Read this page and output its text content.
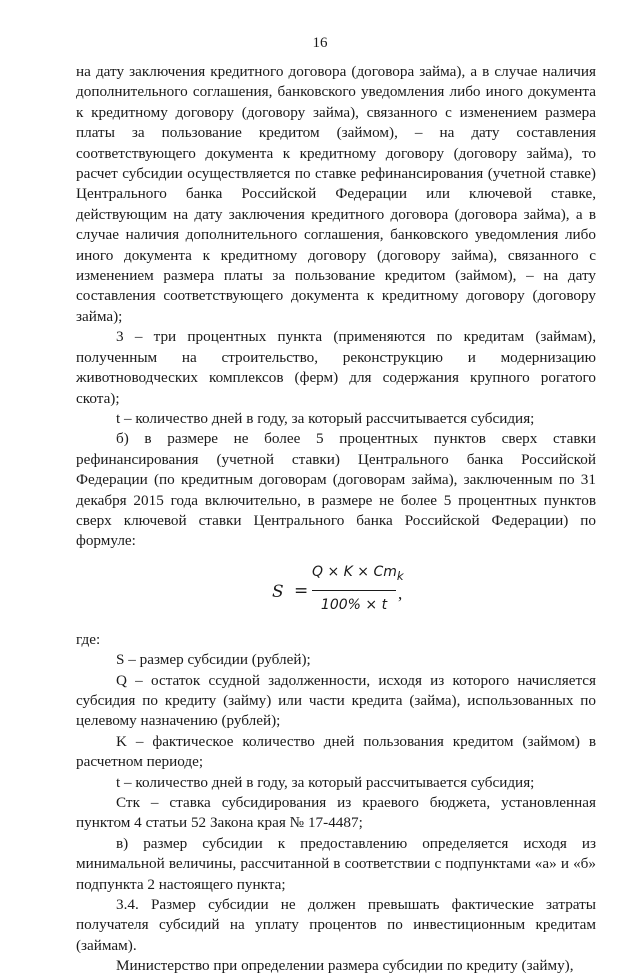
16

на дату заключения кредитного договора (договора займа), а в случае наличия дополнительного соглашения, банковского уведомления либо иного документа к кредитному договору (договору займа), связанного с изменением размера платы за пользование кредитом (займом), – на дату составления соответствующего документа к кредитному договору (договору займа), то расчет субсидии осуществляется по ставке рефинансирования (учетной ставке) Центрального банка Российской Федерации или ключевой ставке, действующим на дату заключения кредитного договора (договора займа), а в случае наличия дополнительного соглашения, банковского уведомления либо иного документа к кредитному договору (договору займа), связанного с изменением размера платы за пользование кредитом (займом), – на дату составления соответствующего документа к кредитному договору (договору займа);

3 – три процентных пункта (применяются по кредитам (займам), полученным на строительство, реконструкцию и модернизацию животноводческих комплексов (ферм) для содержания крупного рогатого скота);

t – количество дней в году, за который рассчитывается субсидия;

б) в размере не более 5 процентных пунктов сверх ставки рефинансирования (учетной ставки) Центрального банка Российской Федерации (по кредитным договорам (договорам займа), заключенным по 31 декабря 2015 года включительно, в размере не более 5 процентных пунктов сверх ключевой ставки Центрального банка Российской Федерации) по формуле:

S =
$Q \times K \times Cm_k$
100% × t
,

где:

S – размер субсидии (рублей);

Q – остаток ссудной задолженности, исходя из которого начисляется субсидия по кредиту (займу) или части кредита (займа), использованных по целевому назначению (рублей);

K – фактическое количество дней пользования кредитом (займом) в расчетном периоде;

t – количество дней в году, за который рассчитывается субсидия;

Стк – ставка субсидирования из краевого бюджета, установленная пунктом 4 статьи 52 Закона края № 17-4487;

в) размер субсидии к предоставлению определяется исходя из минимальной величины, рассчитанной в соответствии с подпунктами «а» и «б» подпункта 2 настоящего пункта;

3.4. Размер субсидии не должен превышать фактические затраты получателя субсидий на уплату процентов по инвестиционным кредитам (займам).

Министерство при определении размера субсидии по кредиту (займу),
